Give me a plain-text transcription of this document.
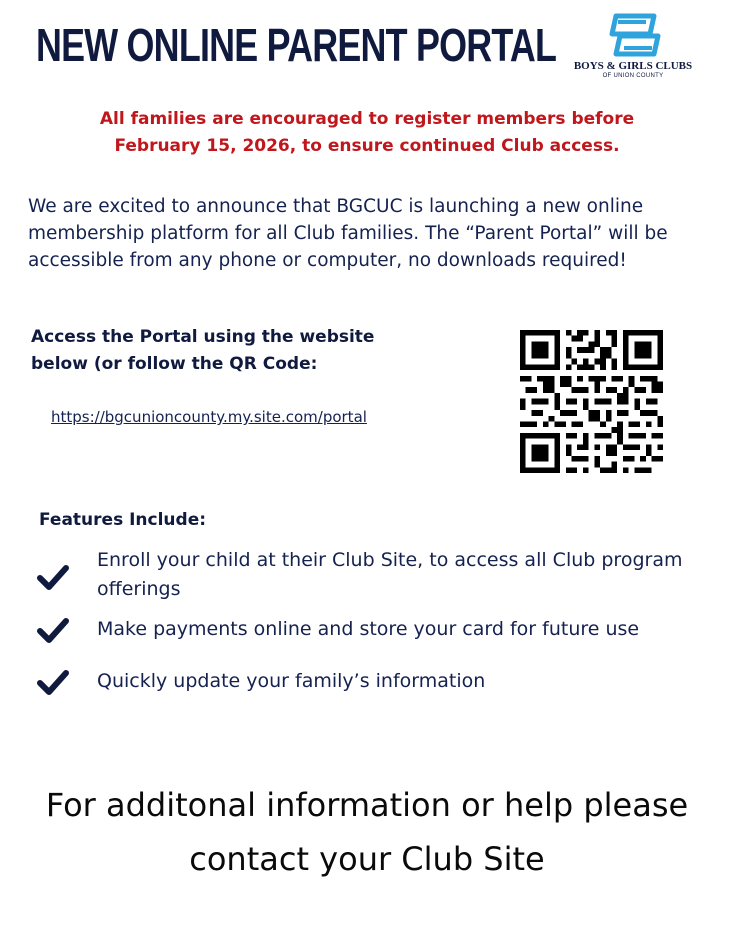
NEW ONLINE PARENT PORTAL	BOYS & GIRLS CLUBS
OF UNION COUNTY

All families are encouraged to register members before February 15, 2026, to ensure continued Club access.

We are excited to announce that BGCUC is launching a new online membership platform for all Club families. The “Parent Portal” will be accessible from any phone or computer, no downloads required!

Access the Portal using the website below (or follow the QR Code:

https://bgcunioncounty.my.site.com/portal

Features Include:

Enroll your child at their Club Site, to access all Club program offerings
Make payments online and store your card for future use
Quickly update your family’s information

For additonal information or help please contact your Club Site
